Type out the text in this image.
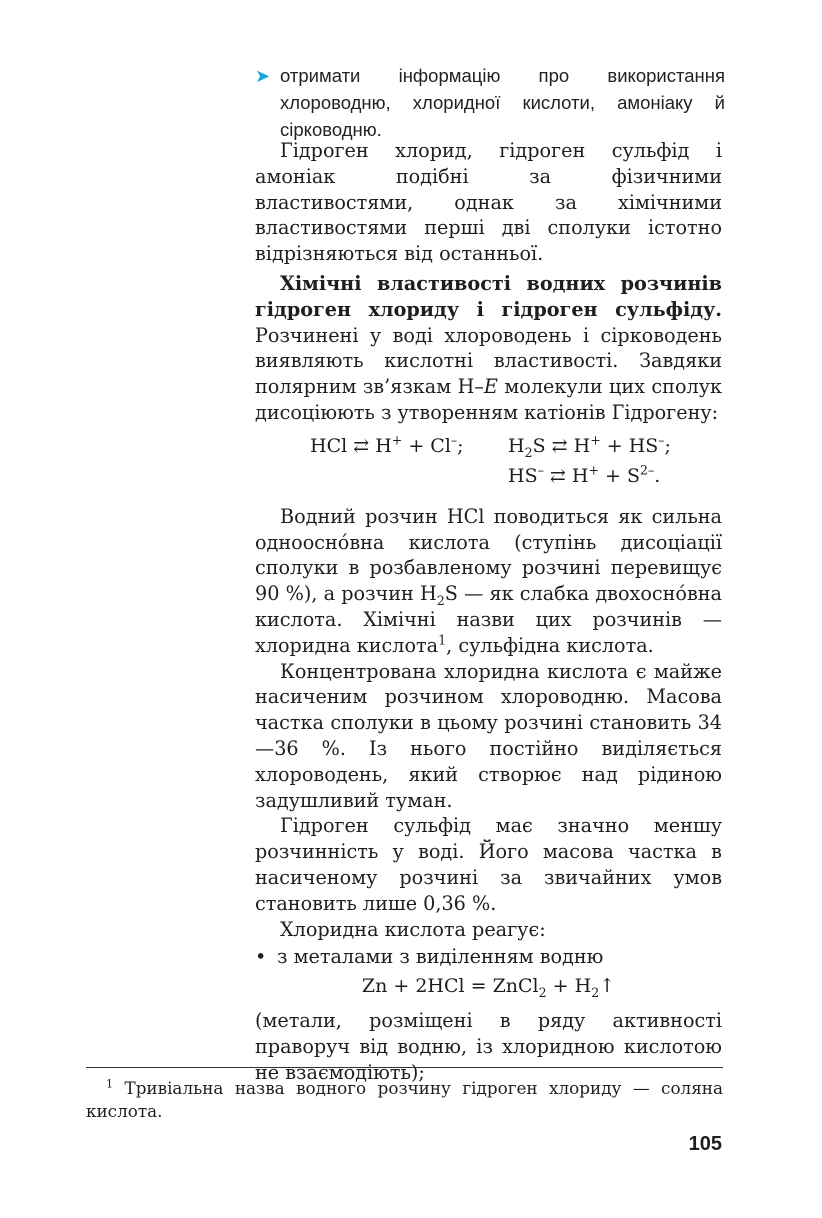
➤ отримати інформацію про використання хлороводню, хлоридної кислоти, амоніаку й сірководню.

Гідроген хлорид, гідроген сульфід і амоніак подібні за фізичними властивостями, однак за хімічними властивостями перші дві сполуки істотно відрізняються від останньої.

Хімічні властивості водних розчинів гідроген хлориду і гідроген сульфіду. Розчинені у воді хлороводень і сірководень виявляють кислотні властивості. Завдяки полярним зв’язкам H–E молекули цих сполук дисоціюють з утворенням катіонів Гідрогену:

HCl ⇄ H+ + Cl–; $H_2S$ ⇄ H+ + HS–;
HS– ⇄ $H^+ + S^{2-}$.

Водний розчин HCl поводиться як сильна одноосно́вна кислота (ступінь дисоціації сполуки в розбавленому розчині перевищує 90 %), а розчин $H_2S$ — як слабка двохосно́вна кислота. Хімічні назви цих розчинів — хлоридна кислота$^1$, сульфідна кислота.

Концентрована хлоридна кислота є майже насиченим розчином хлороводню. Масова частка сполуки в цьому розчині становить 34—36 %. Із нього постійно виділяється хлороводень, який створює над рідиною задушливий туман.

Гідроген сульфід має значно меншу розчинність у воді. Його масова частка в насиченому розчині за звичайних умов становить лише 0,36 %.

Хлоридна кислота реагує:

• з металами з виділенням водню
Zn + 2HCl = ZnCl$_2$ + $H_2↑$

(метали, розміщені в ряду активності праворуч від водню, із хлоридною кислотою не взаємодіють);

$^1$ Тривіальна назва водного розчину гідроген хлориду — соляна кислота.
105
